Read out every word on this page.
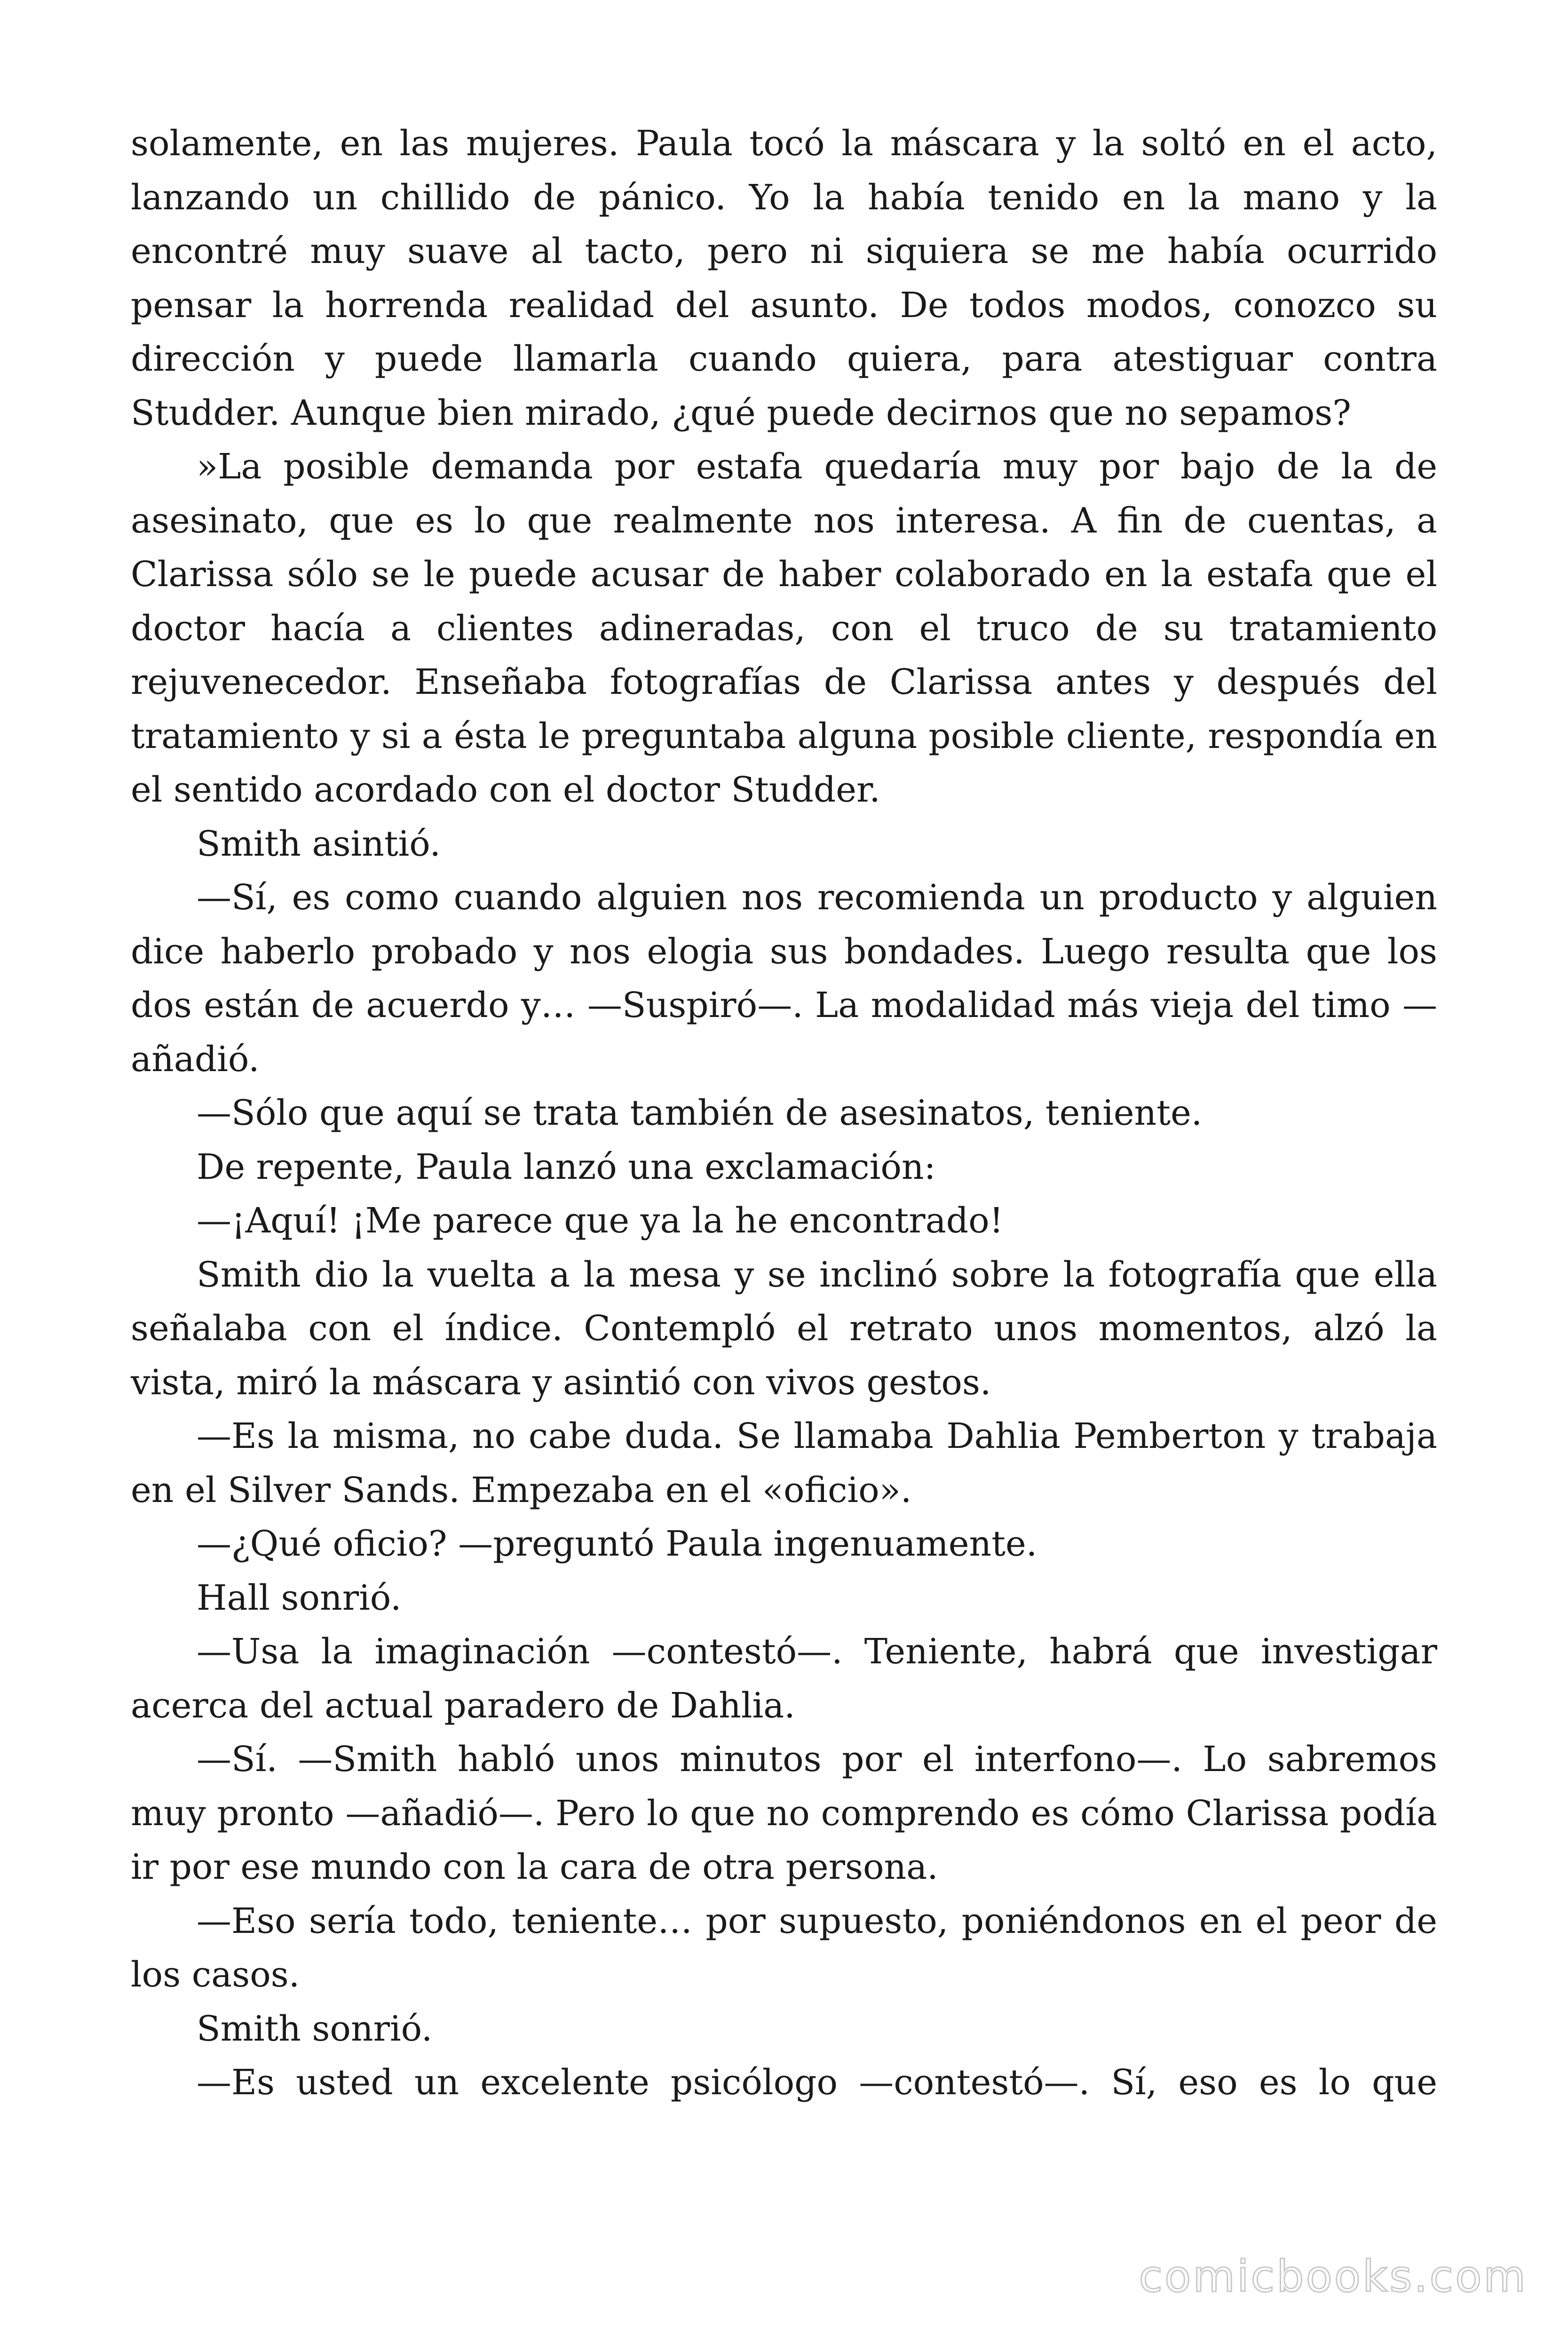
solamente, en las mujeres. Paula tocó la máscara y la soltó en el acto, lanzando un chillido de pánico. Yo la había tenido en la mano y la encontré muy suave al tacto, pero ni siquiera se me había ocurrido pensar la horrenda realidad del asunto. De todos modos, conozco su dirección y puede llamarla cuando quiera, para atestiguar contra Studder. Aunque bien mirado, ¿qué puede decirnos que no sepamos?

»La posible demanda por estafa quedaría muy por bajo de la de asesinato, que es lo que realmente nos interesa. A fin de cuentas, a Clarissa sólo se le puede acusar de haber colaborado en la estafa que el doctor hacía a clientes adineradas, con el truco de su tratamiento rejuvenecedor. Enseñaba fotografías de Clarissa antes y después del tratamiento y si a ésta le preguntaba alguna posible cliente, respondía en el sentido acordado con el doctor Studder.

Smith asintió.

—Sí, es como cuando alguien nos recomienda un producto y alguien dice haberlo probado y nos elogia sus bondades. Luego resulta que los dos están de acuerdo y… —Suspiró—. La modalidad más vieja del timo —añadió.

—Sólo que aquí se trata también de asesinatos, teniente.

De repente, Paula lanzó una exclamación:

—¡Aquí! ¡Me parece que ya la he encontrado!

Smith dio la vuelta a la mesa y se inclinó sobre la fotografía que ella señalaba con el índice. Contempló el retrato unos momentos, alzó la vista, miró la máscara y asintió con vivos gestos.

—Es la misma, no cabe duda. Se llamaba Dahlia Pemberton y trabaja en el Silver Sands. Empezaba en el «oficio».

—¿Qué oficio? —preguntó Paula ingenuamente.

Hall sonrió.

—Usa la imaginación —contestó—. Teniente, habrá que investigar acerca del actual paradero de Dahlia.

—Sí. —Smith habló unos minutos por el interfono—. Lo sabremos muy pronto —añadió—. Pero lo que no comprendo es cómo Clarissa podía ir por ese mundo con la cara de otra persona.

—Eso sería todo, teniente… por supuesto, poniéndonos en el peor de los casos.

Smith sonrió.

—Es usted un excelente psicólogo —contestó—. Sí, eso es lo que

comicbooks.com
